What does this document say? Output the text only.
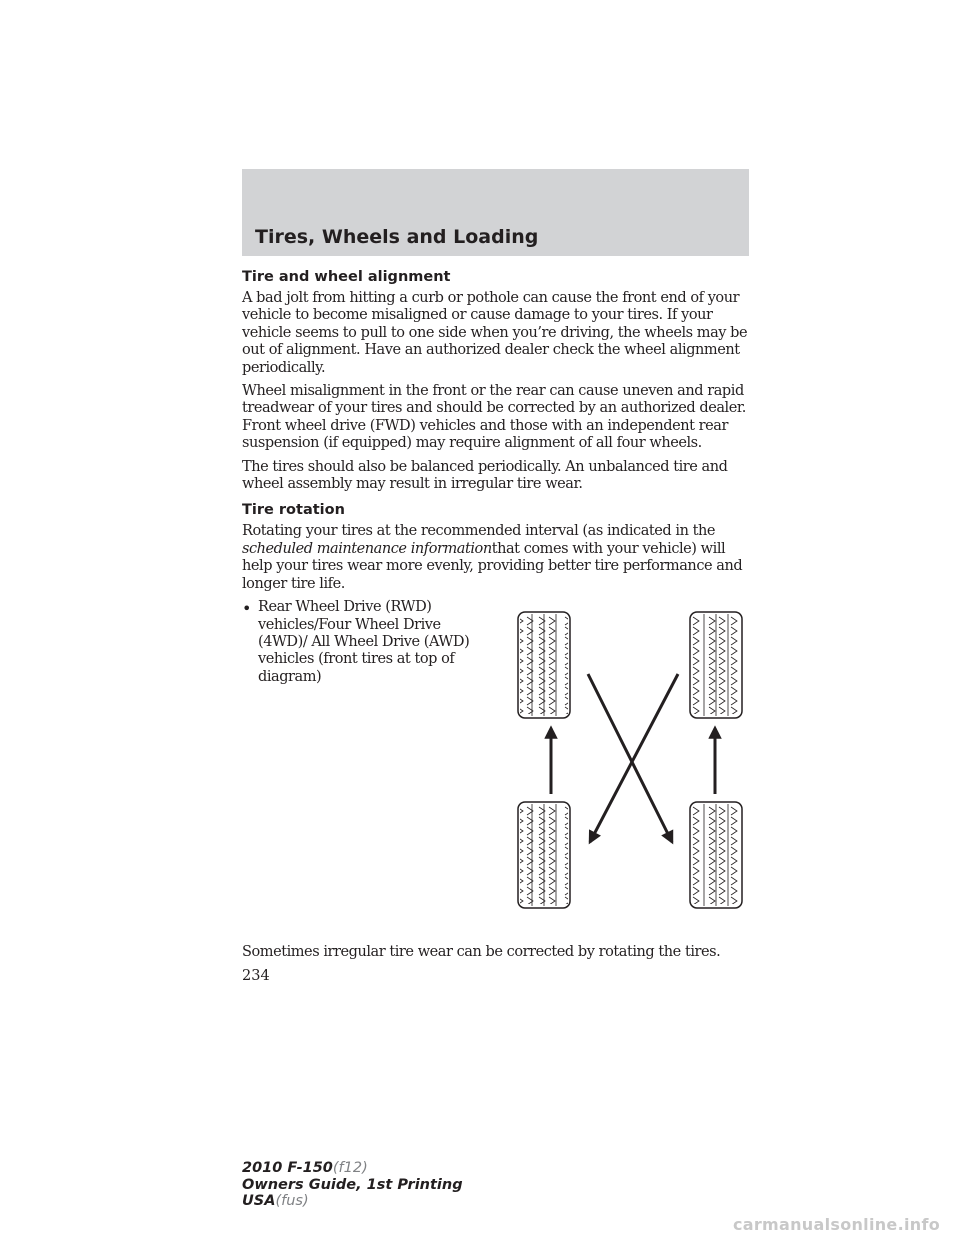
Tires, Wheels and Loading
Tire and wheel alignment

A bad jolt from hitting a curb or pothole can cause the front end of your vehicle to become misaligned or cause damage to your tires. If your vehicle seems to pull to one side when you’re driving, the wheels may be out of alignment. Have an authorized dealer check the wheel alignment periodically.

Wheel misalignment in the front or the rear can cause uneven and rapid treadwear of your tires and should be corrected by an authorized dealer. Front wheel drive (FWD) vehicles and those with an independent rear suspension (if equipped) may require alignment of all four wheels.

The tires should also be balanced periodically. An unbalanced tire and wheel assembly may result in irregular tire wear.

Tire rotation

Rotating your tires at the recommended interval (as indicated in the scheduled maintenance informationthat comes with your vehicle) will help your tires wear more evenly, providing better tire performance and longer tire life.

• Rear Wheel Drive (RWD) vehicles/Four Wheel Drive (4WD)/ All Wheel Drive (AWD) vehicles (front tires at top of diagram)
Sometimes irregular tire wear can be corrected by rotating the tires.
234
2010 F-150(f12)
Owners Guide, 1st Printing
USA(fus)
carmanualsonline.info
